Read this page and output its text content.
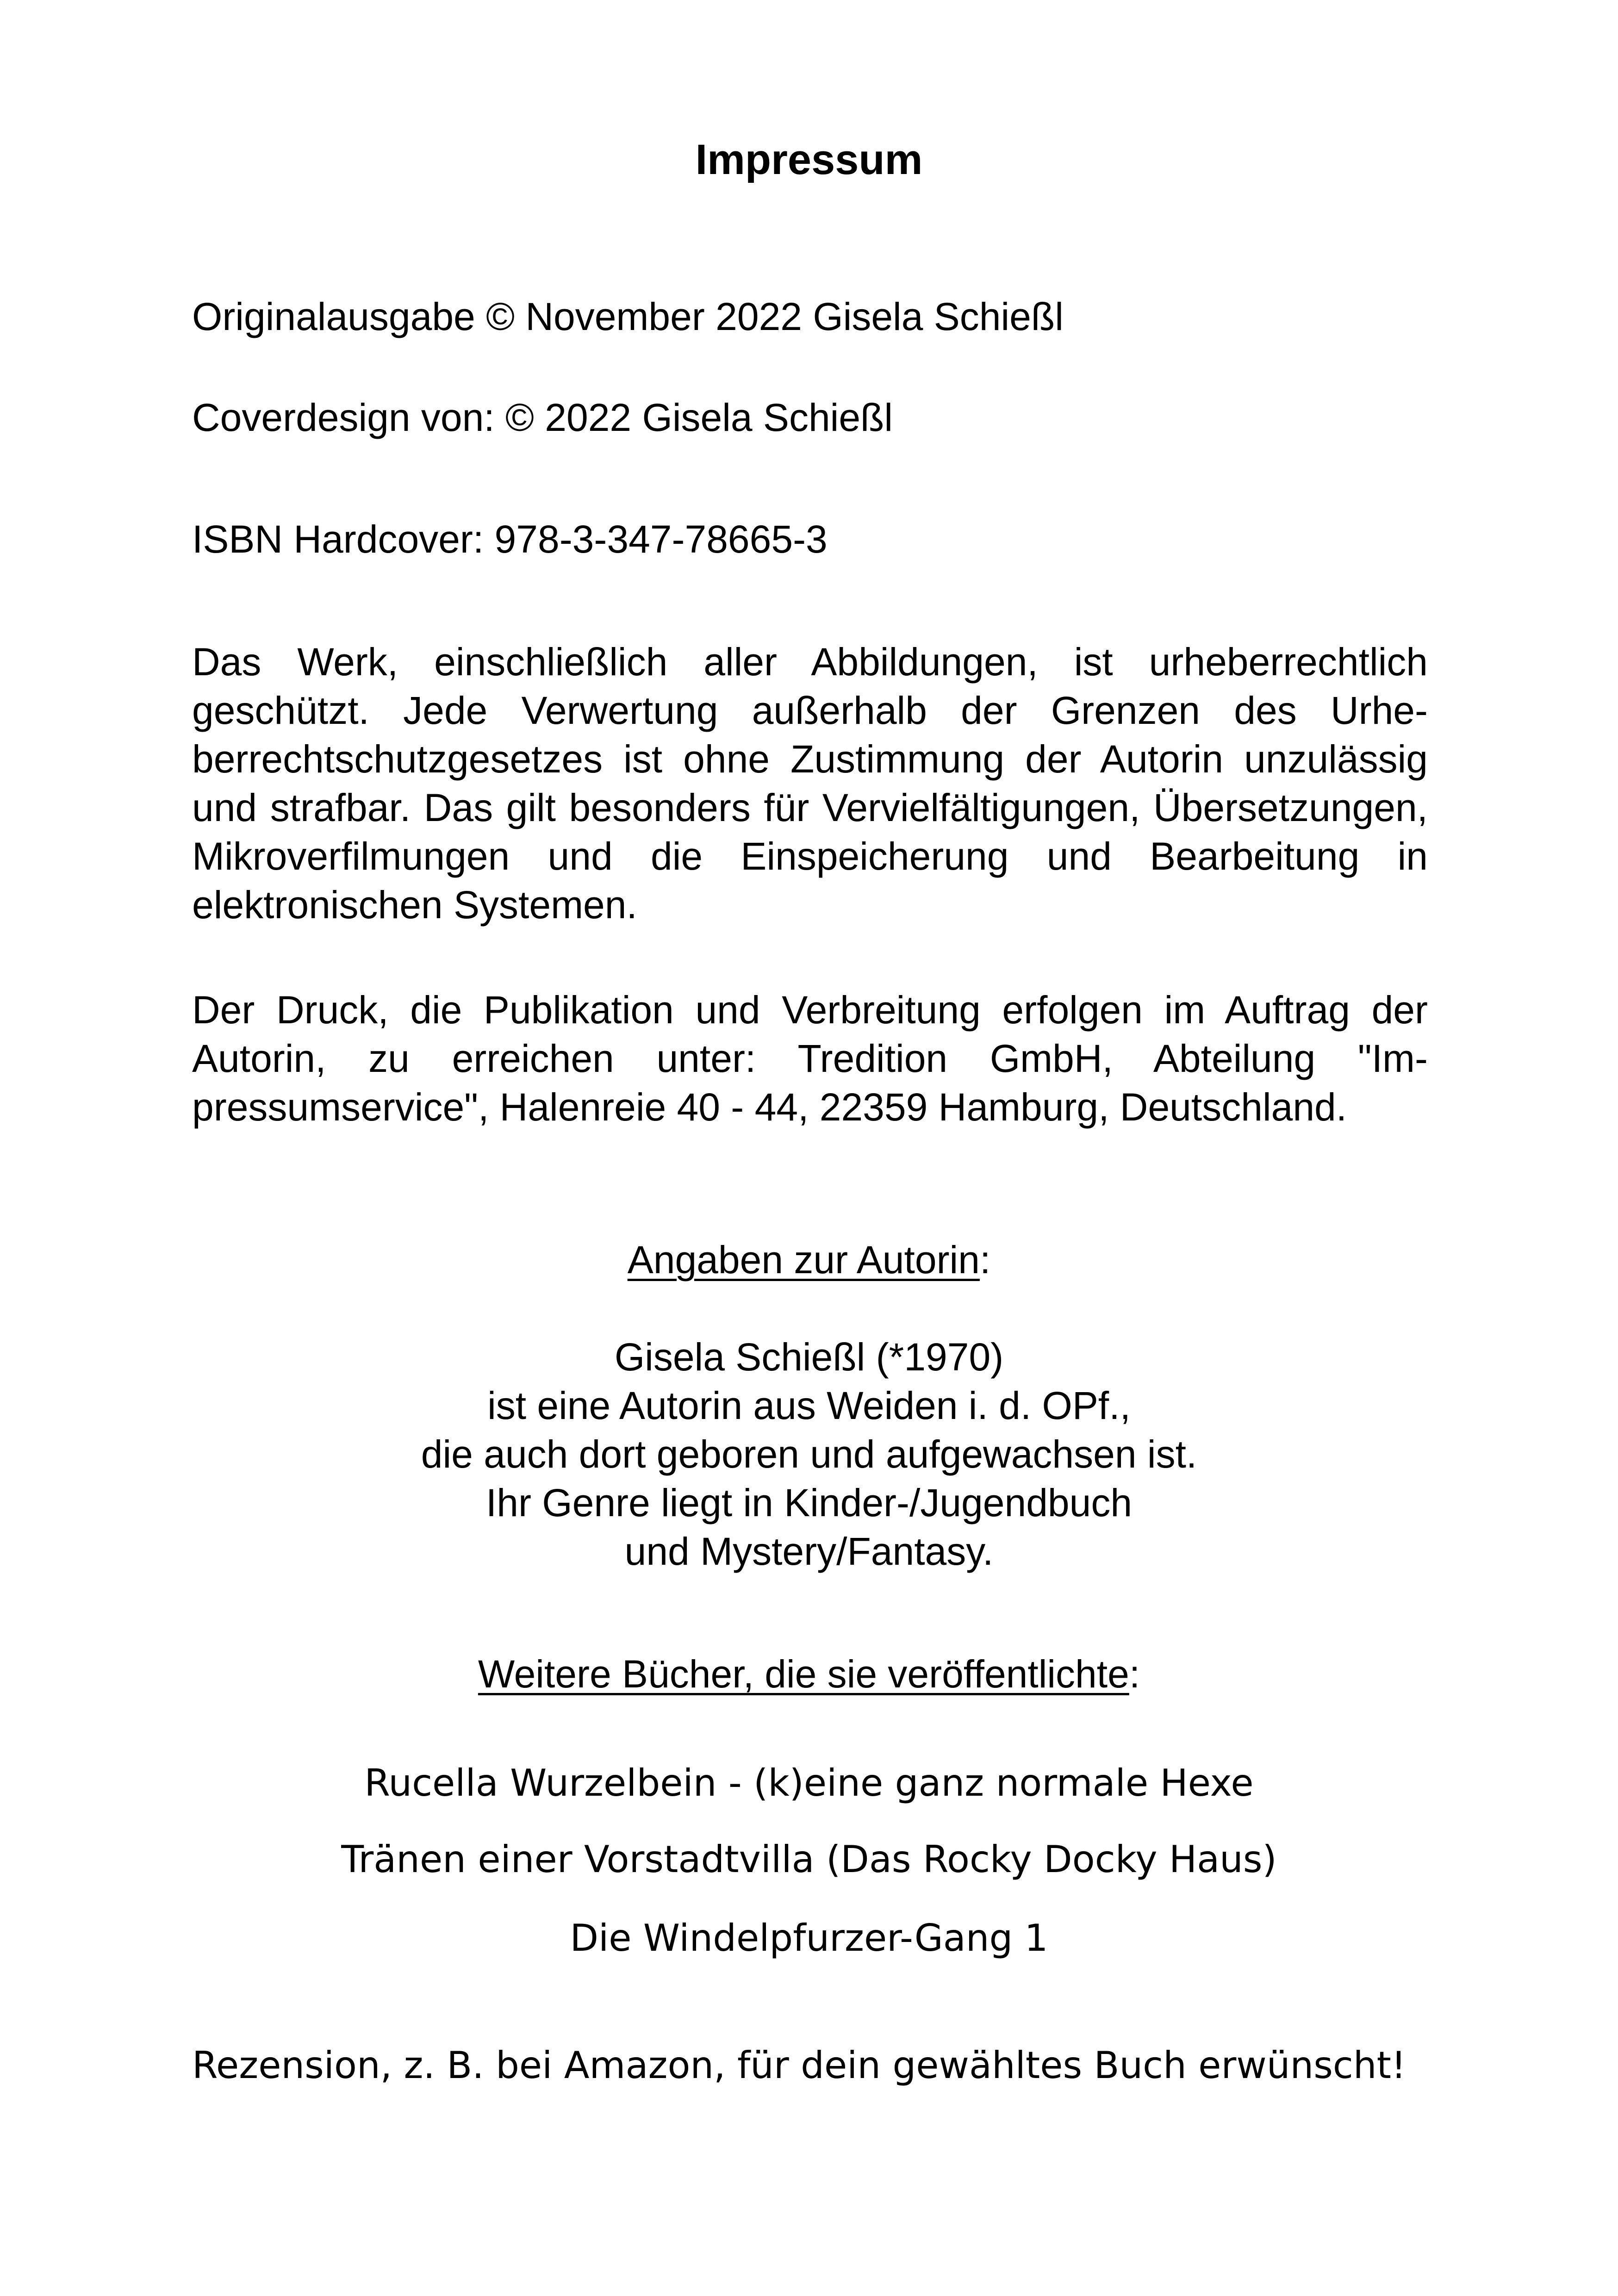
Impressum
Originalausgabe © November 2022 Gisela Schießl
Coverdesign von: © 2022 Gisela Schießl
ISBN Hardcover: 978-3-347-78665-3
Das Werk, einschließlich aller Abbildungen, ist urheberrechtlich geschützt. Jede Verwertung außerhalb der Grenzen des Urheberrechtschutzgesetzes ist ohne Zustimmung der Autorin unzulässig und strafbar. Das gilt besonders für Vervielfältigungen, Übersetzungen, Mikroverfilmungen und die Einspeicherung und Bearbeitung in elektronischen Systemen.
Der Druck, die Publikation und Verbreitung erfolgen im Auftrag der Autorin, zu erreichen unter: Tredition GmbH, Abteilung "Impressumservice", Halenreie 40 - 44, 22359 Hamburg, Deutschland.
Angaben zur Autorin:
Gisela Schießl (*1970)
ist eine Autorin aus Weiden i. d. OPf.,
die auch dort geboren und aufgewachsen ist.
Ihr Genre liegt in Kinder-/Jugendbuch
und Mystery/Fantasy.
Weitere Bücher, die sie veröffentlichte:
Rucella Wurzelbein - (k)eine ganz normale Hexe
Tränen einer Vorstadtvilla (Das Rocky Docky Haus)
Die Windelpfurzer-Gang 1
Rezension, z. B. bei Amazon, für dein gewähltes Buch erwünscht!
